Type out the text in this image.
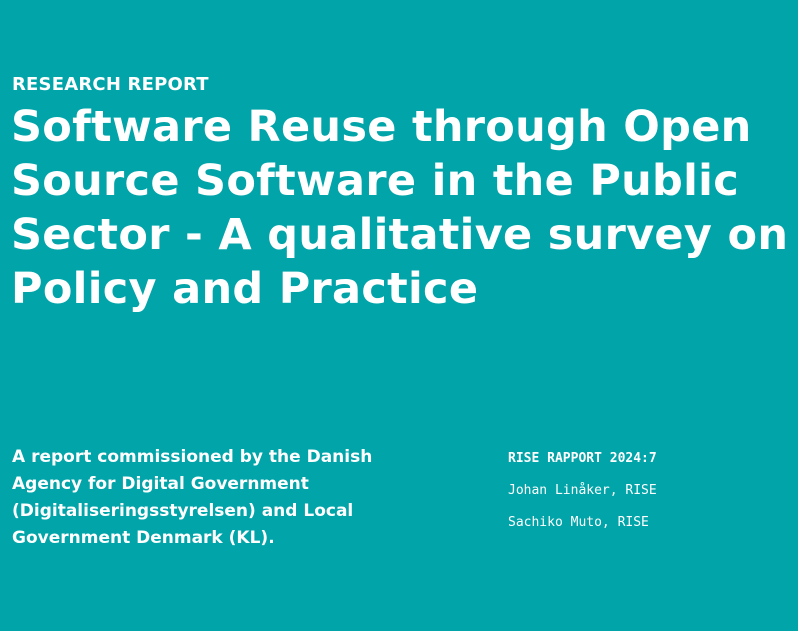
RESEARCH REPORT
Software Reuse through Open Source Software in the Public Sector - A qualitative survey on Policy and Practice

A report commissioned by the Danish Agency for Digital Government (Digitaliseringsstyrelsen) and Local Government Denmark (KL).

RISE RAPPORT 2024:7
Johan Linåker, RISE
Sachiko Muto, RISE
